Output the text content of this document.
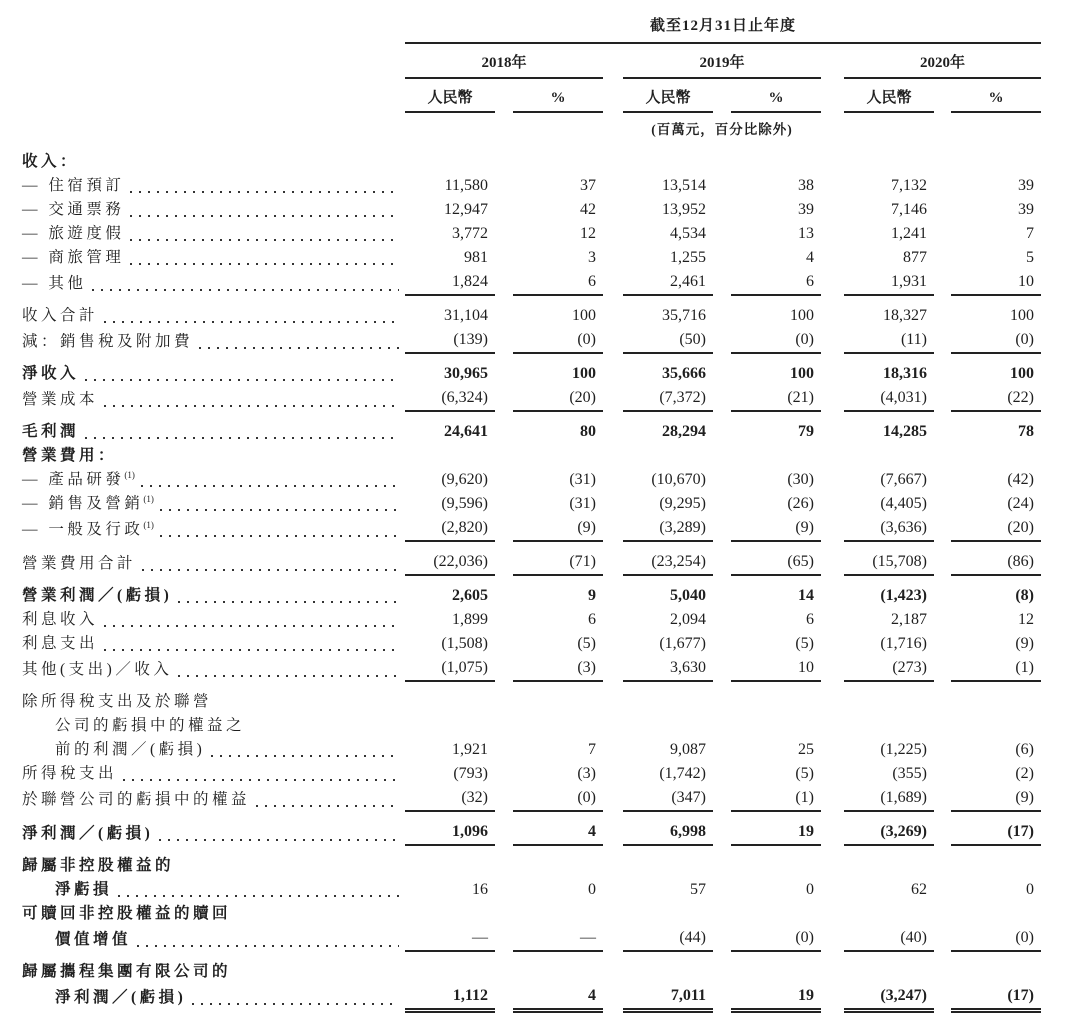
	截至12月31日止年度										

	2018年				2019年				2020年		
	人民幣		%		人民幣		%		人民幣		%
					(百萬元，百分比除外)						

收入：											

— 住宿預訂	11,580		37		13,514		38		7,132		39

— 交通票務	12,947		42		13,952		39		7,146		39

— 旅遊度假	3,772		12		4,534		13		1,241		7

— 商旅管理	981		3		1,255		4		877		5

— 其他	1,824		6		2,461		6		1,931		10

收入合計	31,104		100		35,716		100		18,327		100

減：銷售稅及附加費	(139)		(0)		(50)		(0)		(11)		(0)

淨收入	30,965		100		35,666		100		18,316		100

營業成本	(6,324)		(20)		(7,372)		(21)		(4,031)		(22)

毛利潤	24,641		80		28,294		79		14,285		78

營業費用：											

— 產品研發$^{(1)}$	(9,620)		(31)		(10,670)		(30)		(7,667)		(42)

— 銷售及營銷$^{(1)}$	(9,596)		(31)		(9,295)		(26)		(4,405)		(24)

— 一般及行政$^{(1)}$	(2,820)		(9)		(3,289)		(9)		(3,636)		(20)

營業費用合計	(22,036)		(71)		(23,254)		(65)		(15,708)		(86)

營業利潤／(虧損)	2,605		9		5,040		14		(1,423)		(8)

利息收入	1,899		6		2,094		6		2,187		12

利息支出	(1,508)		(5)		(1,677)		(5)		(1,716)		(9)

其他(支出)／收入	(1,075)		(3)		3,630		10		(273)		(1)

除所得稅支出及於聯營											

公司的虧損中的權益之											

前的利潤／(虧損)	1,921		7		9,087		25		(1,225)		(6)

所得稅支出	(793)		(3)		(1,742)		(5)		(355)		(2)

於聯營公司的虧損中的權益	(32)		(0)		(347)		(1)		(1,689)		(9)

淨利潤／(虧損)	1,096		4		6,998		19		(3,269)		(17)

歸屬非控股權益的											

淨虧損	16		0		57		0		62		0

可贖回非控股權益的贖回											

價值增值	—		—		(44)		(0)		(40)		(0)

歸屬攜程集團有限公司的											

淨利潤／(虧損)	1,112		4		7,011		19		(3,247)		(17)
